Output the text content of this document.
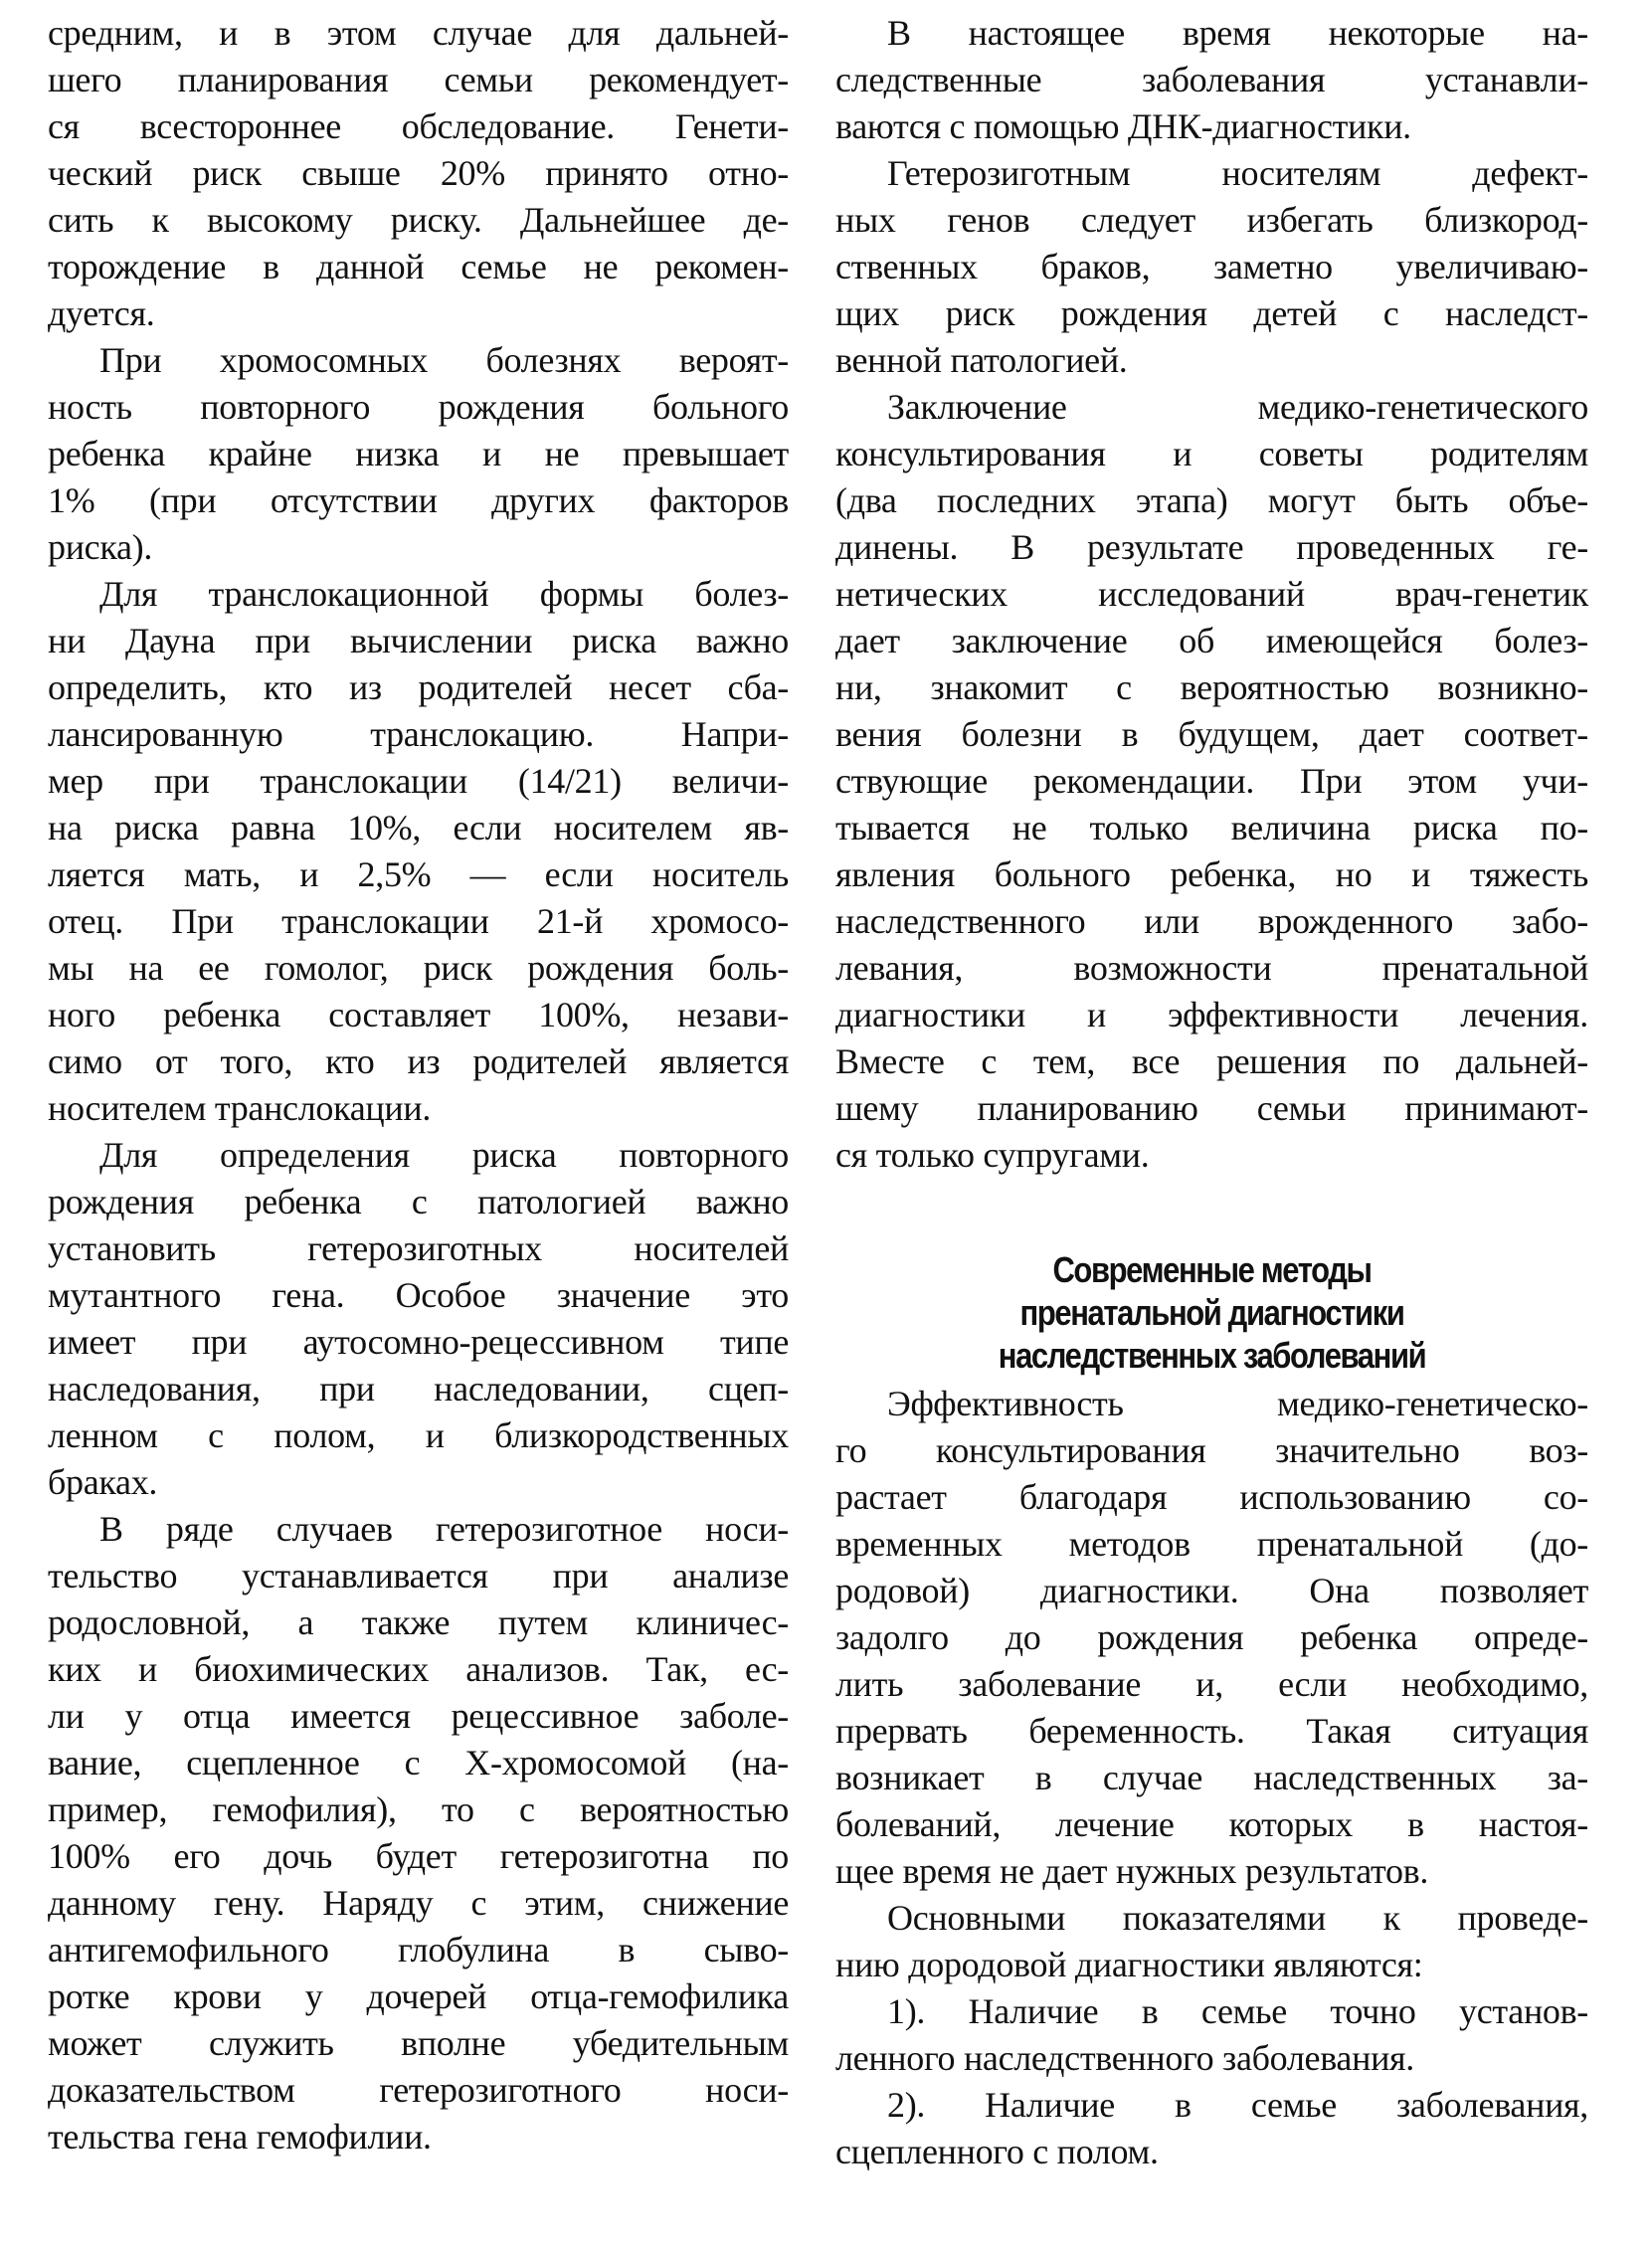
средним, и в этом случае для дальней-
шего планирования семьи рекомендует-
ся всестороннее обследование. Генети-
ческий риск свыше 20% принято отно-
сить к высокому риску. Дальнейшее де-
торождение в данной семье не рекомен-
дуется.
При хромосомных болезнях вероят-
ность повторного рождения больного
ребенка крайне низка и не превышает
1% (при отсутствии других факторов
риска).
Для транслокационной формы болез-
ни Дауна при вычислении риска важно
определить, кто из родителей несет сба-
лансированную транслокацию. Напри-
мер при транслокации (14/21) величи-
на риска равна 10%, если носителем яв-
ляется мать, и 2,5% — если носитель
отец. При транслокации 21-й хромосо-
мы на ее гомолог, риск рождения боль-
ного ребенка составляет 100%, незави-
симо от того, кто из родителей является
носителем транслокации.
Для определения риска повторного
рождения ребенка с патологией важно
установить гетерозиготных носителей
мутантного гена. Особое значение это
имеет при аутосомно-рецессивном типе
наследования, при наследовании, сцеп-
ленном с полом, и близкородственных
браках.
В ряде случаев гетерозиготное носи-
тельство устанавливается при анализе
родословной, а также путем клиничес-
ких и биохимических анализов. Так, ес-
ли у отца имеется рецессивное заболе-
вание, сцепленное с Х-хромосомой (на-
пример, гемофилия), то с вероятностью
100% его дочь будет гетерозиготна по
данному гену. Наряду с этим, снижение
антигемофильного глобулина в сыво-
ротке крови у дочерей отца-гемофилика
может служить вполне убедительным
доказательством гетерозиготного носи-
тельства гена гемофилии.
В настоящее время некоторые на-
следственные заболевания устанавли-
ваются с помощью ДНК-диагностики.
Гетерозиготным носителям дефект-
ных генов следует избегать близкород-
ственных браков, заметно увеличиваю-
щих риск рождения детей с наследст-
венной патологией.
Заключение медико-генетического
консультирования и советы родителям
(два последних этапа) могут быть объе-
динены. В результате проведенных ге-
нетических исследований врач-генетик
дает заключение об имеющейся болез-
ни, знакомит с вероятностью возникно-
вения болезни в будущем, дает соответ-
ствующие рекомендации. При этом учи-
тывается не только величина риска по-
явления больного ребенка, но и тяжесть
наследственного или врожденного забо-
левания, возможности пренатальной
диагностики и эффективности лечения.
Вместе с тем, все решения по дальней-
шему планированию семьи принимают-
ся только супругами.
Современные методы
пренатальной диагностики
наследственных заболеваний
Эффективность медико-генетическо-
го консультирования значительно воз-
растает благодаря использованию со-
временных методов пренатальной (до-
родовой) диагностики. Она позволяет
задолго до рождения ребенка опреде-
лить заболевание и, если необходимо,
прервать беременность. Такая ситуация
возникает в случае наследственных за-
болеваний, лечение которых в настоя-
щее время не дает нужных результатов.
Основными показателями к проведе-
нию дородовой диагностики являются:
1). Наличие в семье точно установ-
ленного наследственного заболевания.
2). Наличие в семье заболевания,
сцепленного с полом.
